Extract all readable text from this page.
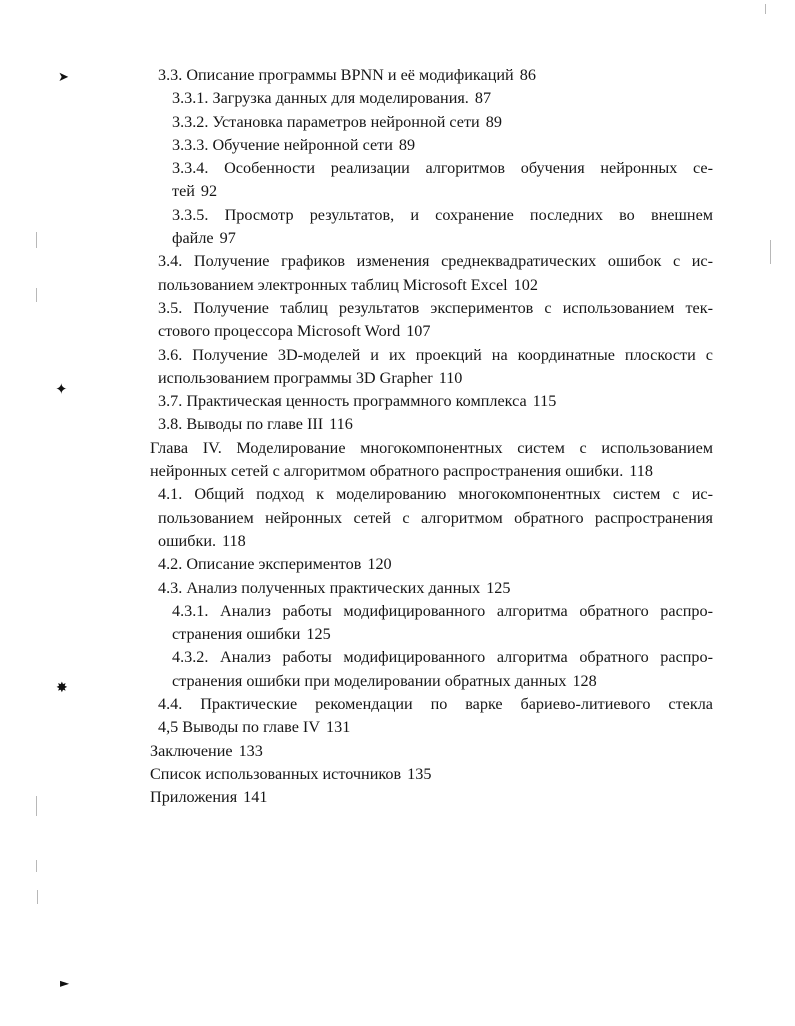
➤
✦
✸
►
3.3. Описание программы BPNN и её модификаций 86
3.3.1. Загрузка данных для моделирования. 87
3.3.2. Установка параметров нейронной сети 89
3.3.3. Обучение нейронной сети 89
3.3.4. Особенности реализации алгоритмов обучения нейронных се-
тей 92
3.3.5. Просмотр результатов, и сохранение последних во внешнем
файле 97
3.4. Получение графиков изменения среднеквадратических ошибок с ис-
пользованием электронных таблиц Microsoft Excel 102
3.5. Получение таблиц результатов экспериментов с использованием тек-
стового процессора Microsoft Word 107
3.6. Получение 3D-моделей и их проекций на координатные плоскости с
использованием программы 3D Grapher 110
3.7. Практическая ценность программного комплекса 115
3.8. Выводы по главе III 116
Глава IV. Моделирование многокомпонентных систем с использованием
нейронных сетей с алгоритмом обратного распространения ошибки. 118
4.1. Общий подход к моделированию многокомпонентных систем с ис-
пользованием нейронных сетей с алгоритмом обратного распространения
ошибки. 118
4.2. Описание экспериментов 120
4.3. Анализ полученных практических данных 125
4.3.1. Анализ работы модифицированного алгоритма обратного распро-
странения ошибки 125
4.3.2. Анализ работы модифицированного алгоритма обратного распро-
странения ошибки при моделировании обратных данных 128
4.4. Практические рекомендации по варке бариево-литиевого стекла
4,5 Выводы по главе IV 131
Заключение 133
Список использованных источников 135
Приложения 141
